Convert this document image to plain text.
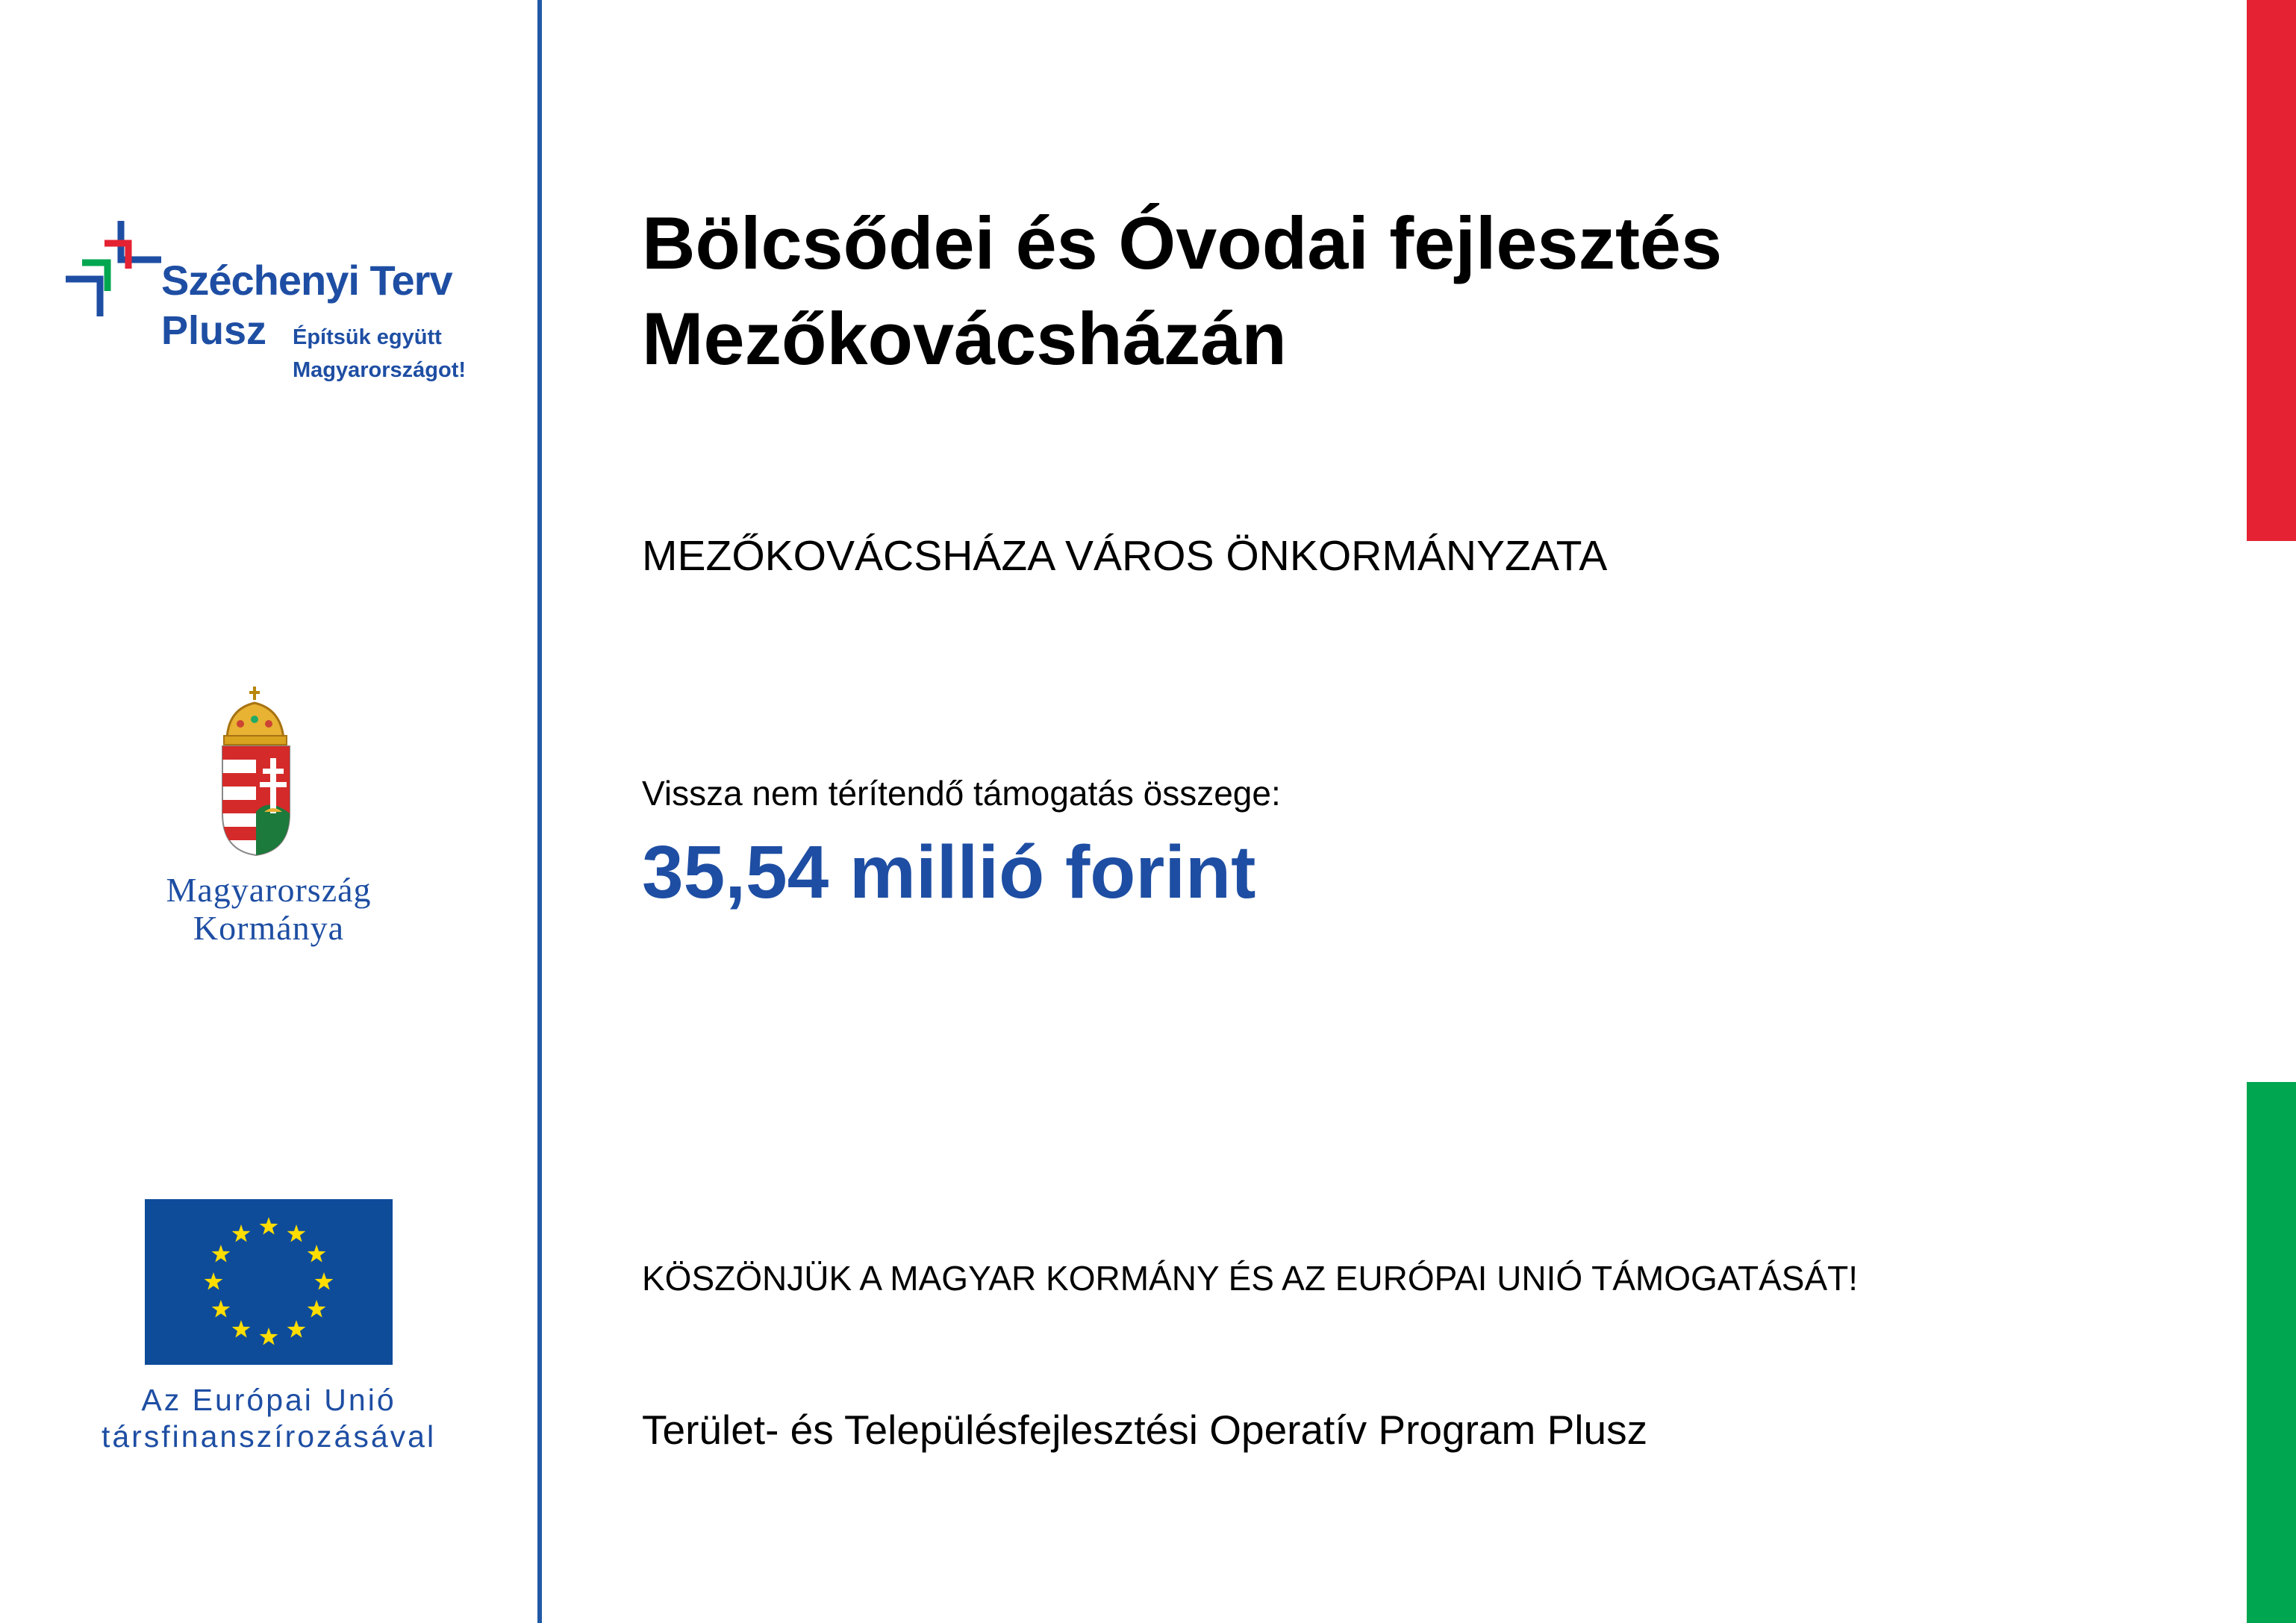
Széchenyi Terv
Plusz Építsük együtt
Magyarországot!
Magyarország
Kormánya
Az Európai Unió
társfinanszírozásával
Bölcsődei és Óvodai fejlesztés
Mezőkovácsházán
MEZŐKOVÁCSHÁZA VÁROS ÖNKORMÁNYZATA
Vissza nem térítendő támogatás összege:
35,54 millió forint
KÖSZÖNJÜK A MAGYAR KORMÁNY ÉS AZ EURÓPAI UNIÓ TÁMOGATÁSÁT!
Terület- és Településfejlesztési Operatív Program Plusz
